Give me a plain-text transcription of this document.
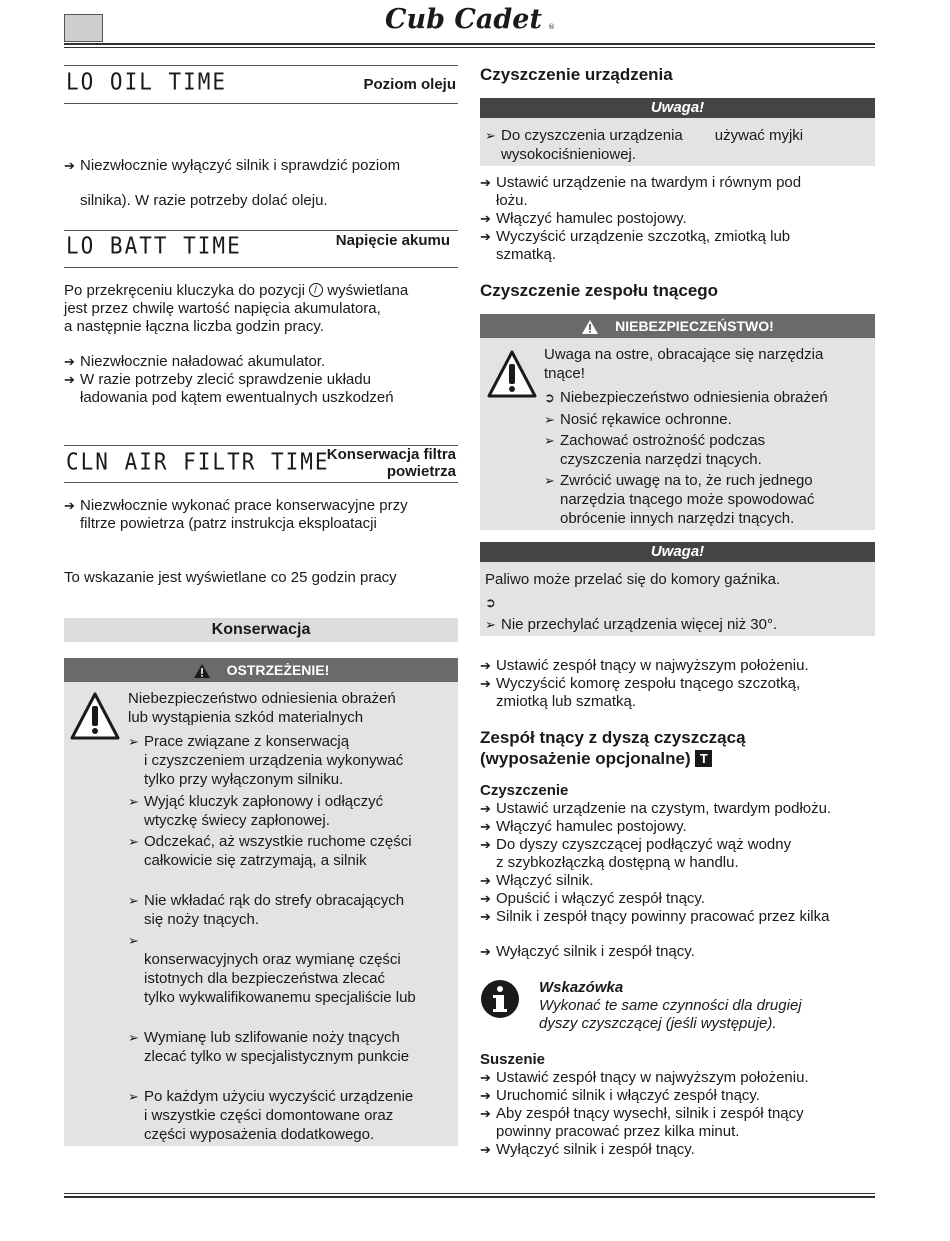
Cub Cadet ®
LO OIL TIME	Poziom oleju
➔ Niezwłocznie wyłączyć silnik i sprawdzić poziom
silnika). W razie potrzeby dolać oleju.
LO BATT TIME	Napięcie akumu
Po przekręceniu kluczyka do pozycji / wyświetlana
jest przez chwilę wartość napięcia akumulatora,
a następnie łączna liczba godzin pracy.
➔ Niezwłocznie naładować akumulator.
➔ W razie potrzeby zlecić sprawdzenie układu
ładowania pod kątem ewentualnych uszkodzeń
CLN AIR FILTR TIME
Konserwacja filtra
powietrza
➔ Niezwłocznie wykonać prace konserwacyjne przy
filtrze powietrza (patrz instrukcja eksploatacji
To wskazanie jest wyświetlane co 25 godzin pracy
Konserwacja
OSTRZEŻENIE!
Niebezpieczeństwo odniesienia obrażeń
lub wystąpienia szkód materialnych
➢ Prace związane z konserwacją
i czyszczeniem urządzenia wykonywać
tylko przy wyłączonym silniku.
➢ Wyjąć kluczyk zapłonowy i odłączyć
wtyczkę świecy zapłonowej.
➢ Odczekać, aż wszystkie ruchome części
całkowicie się zatrzymają, a silnik
➢ Nie wkładać rąk do strefy obracających
się noży tnących.
➢
konserwacyjnych oraz wymianę części
istotnych dla bezpieczeństwa zlecać
tylko wykwalifikowanemu specjaliście lub
➢ Wymianę lub szlifowanie noży tnących
zlecać tylko w specjalistycznym punkcie
➢ Po każdym użyciu wyczyścić urządzenie
i wszystkie części domontowane oraz
części wyposażenia dodatkowego.
Czyszczenie urządzenia
Uwaga!
➢ Do czyszczenia urządzenia używać myjki
wysokociśnieniowej.
➔ Ustawić urządzenie na twardym i równym pod
łożu.
➔ Włączyć hamulec postojowy.
➔ Wyczyścić urządzenie szczotką, zmiotką lub
szmatką.
Czyszczenie zespołu tnącego
NIEBEZPIECZEŃSTWO!
Uwaga na ostre, obracające się narzędzia
tnące!
➲ Niebezpieczeństwo odniesienia obrażeń
➢ Nosić rękawice ochronne.
➢ Zachować ostrożność podczas
czyszczenia narzędzi tnących.
➢ Zwrócić uwagę na to, że ruch jednego
narzędzia tnącego może spowodować
obrócenie innych narzędzi tnących.
Uwaga!
Paliwo może przelać się do komory gaźnika.
➲
➢ Nie przechylać urządzenia więcej niż 30°.
➔ Ustawić zespół tnący w najwyższym położeniu.
➔ Wyczyścić komorę zespołu tnącego szczotką,
zmiotką lub szmatką.
Zespół tnący z dyszą czyszczącą
(wyposażenie opcjonalne) T
Czyszczenie
➔ Ustawić urządzenie na czystym, twardym podłożu.
➔ Włączyć hamulec postojowy.
➔ Do dyszy czyszczącej podłączyć wąż wodny
z szybkozłączką dostępną w handlu.
➔ Włączyć silnik.
➔ Opuścić i włączyć zespół tnący.
➔ Silnik i zespół tnący powinny pracować przez kilka
➔ Wyłączyć silnik i zespół tnący.
Wskazówka
Wykonać te same czynności dla drugiej
dyszy czyszczącej (jeśli występuje).
Suszenie
➔ Ustawić zespół tnący w najwyższym położeniu.
➔ Uruchomić silnik i włączyć zespół tnący.
➔ Aby zespół tnący wysechł, silnik i zespół tnący
powinny pracować przez kilka minut.
➔ Wyłączyć silnik i zespół tnący.
